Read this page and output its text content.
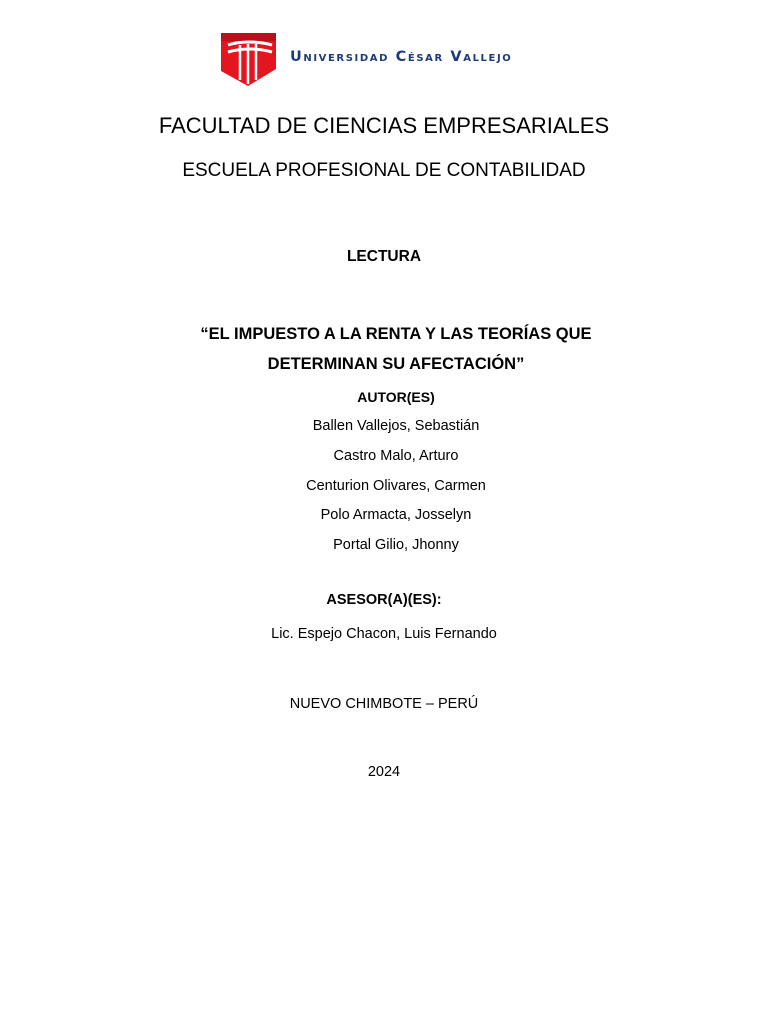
Universidad César Vallejo
FACULTAD DE CIENCIAS EMPRESARIALES
ESCUELA PROFESIONAL DE CONTABILIDAD
LECTURA
“EL IMPUESTO A LA RENTA Y LAS TEORÍAS QUE
DETERMINAN SU AFECTACIÓN”
AUTOR(ES)
Ballen Vallejos, Sebastián
Castro Malo, Arturo
Centurion Olivares, Carmen
Polo Armacta, Josselyn
Portal Gilio, Jhonny
ASESOR(A)(ES):
Lic. Espejo Chacon, Luis Fernando
NUEVO CHIMBOTE – PERÚ
2024
